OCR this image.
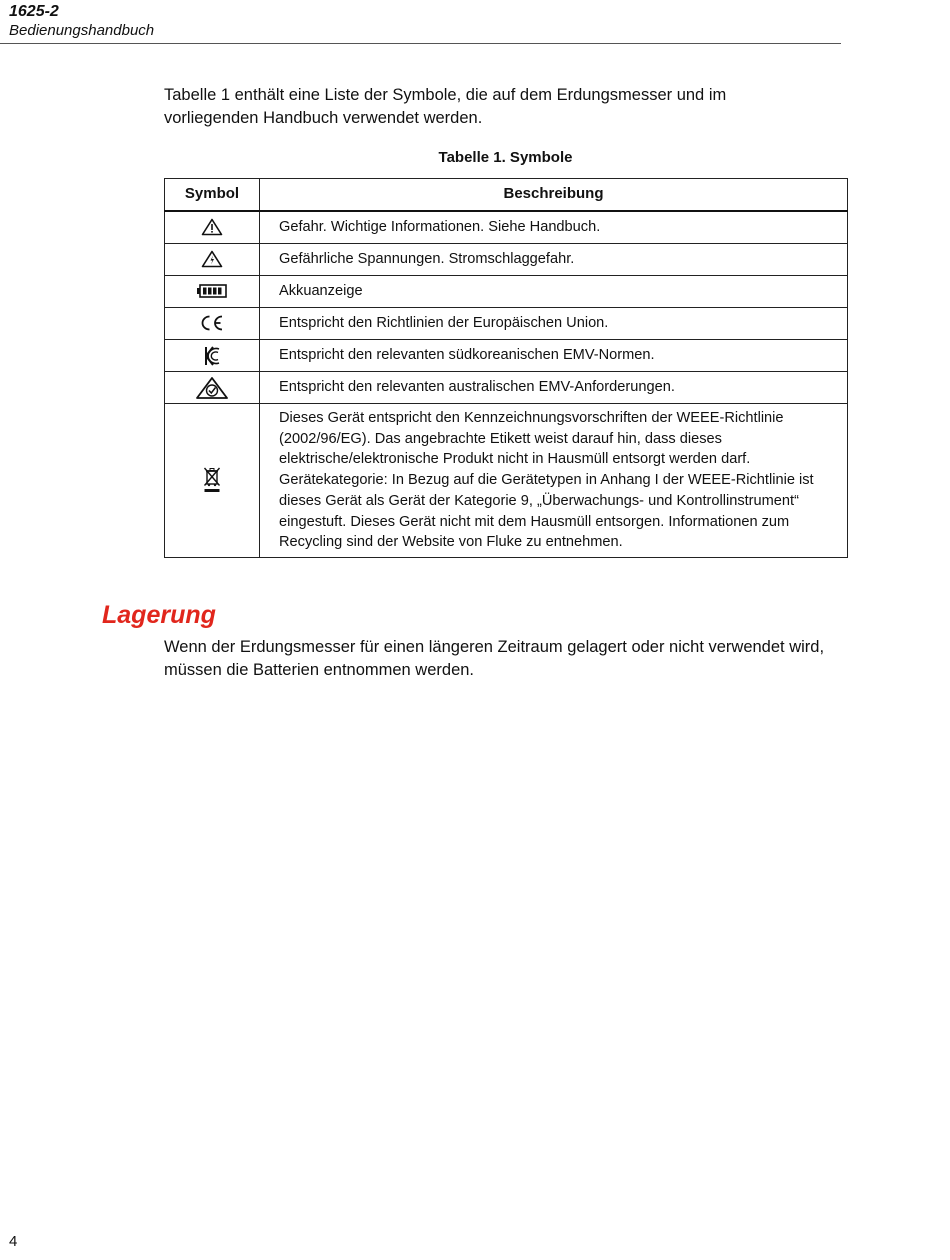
1625-2
Bedienungshandbuch
Tabelle 1 enthält eine Liste der Symbole, die auf dem Erdungsmesser und im vorliegenden Handbuch verwendet werden.
Tabelle 1. Symbole
Symbol	Beschreibung
	Gefahr. Wichtige Informationen. Siehe Handbuch.
	Gefährliche Spannungen. Stromschlaggefahr.
	Akkuanzeige
	Entspricht den Richtlinien der Europäischen Union.
	Entspricht den relevanten südkoreanischen EMV-Normen.
	Entspricht den relevanten australischen EMV-Anforderungen.
	Dieses Gerät entspricht den Kennzeichnungsvorschriften der WEEE-Richtlinie (2002/96/EG). Das angebrachte Etikett weist darauf hin, dass dieses elektrische/elektronische Produkt nicht in Hausmüll entsorgt werden darf. Gerätekategorie: In Bezug auf die Gerätetypen in Anhang I der WEEE-Richtlinie ist dieses Gerät als Gerät der Kategorie 9, „Überwachungs- und Kontrollinstrument“ eingestuft. Dieses Gerät nicht mit dem Hausmüll entsorgen. Informationen zum Recycling sind der Website von Fluke zu entnehmen.
Lagerung
Wenn der Erdungsmesser für einen längeren Zeitraum gelagert oder nicht verwendet wird, müssen die Batterien entnommen werden.
4
